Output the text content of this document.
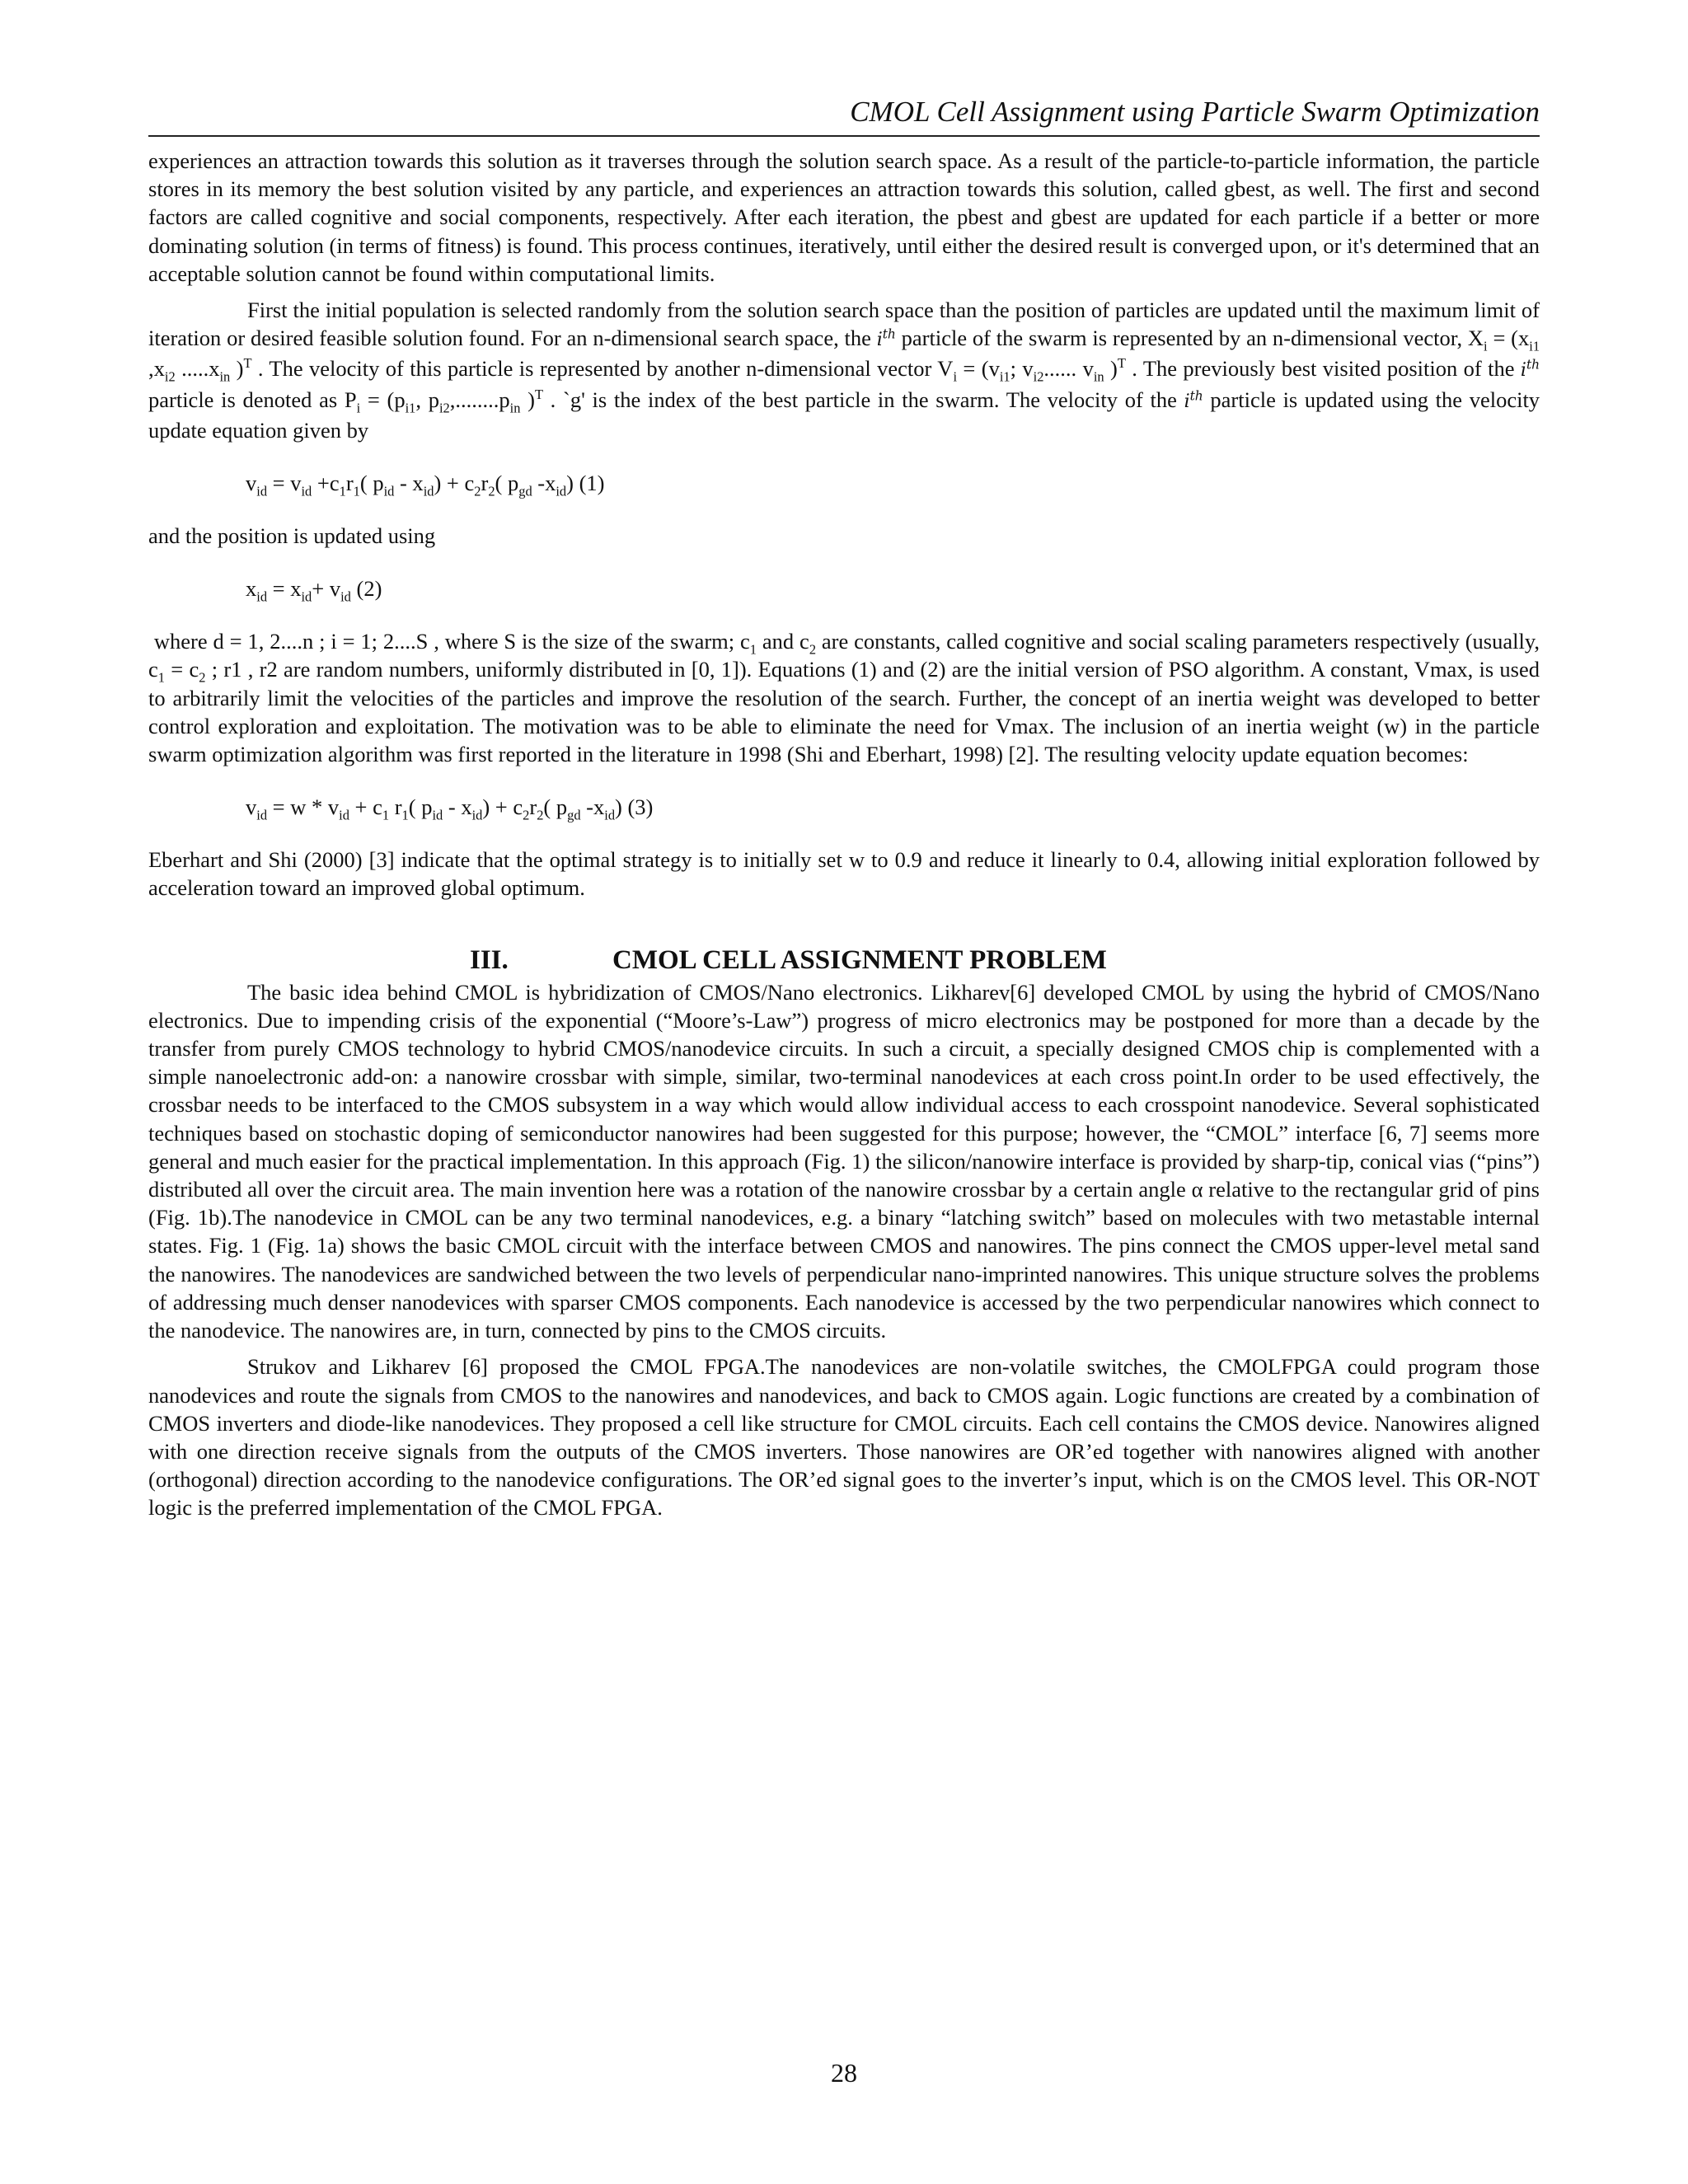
CMOL Cell Assignment using Particle Swarm Optimization

experiences an attraction towards this solution as it traverses through the solution search space. As a result of the particle-to-particle information, the particle stores in its memory the best solution visited by any particle, and experiences an attraction towards this solution, called gbest, as well. The first and second factors are called cognitive and social components, respectively. After each iteration, the pbest and gbest are updated for each particle if a better or more dominating solution (in terms of fitness) is found. This process continues, iteratively, until either the desired result is converged upon, or it's determined that an acceptable solution cannot be found within computational limits.

First the initial population is selected randomly from the solution search space than the position of particles are updated until the maximum limit of iteration or desired feasible solution found. For an n-dimensional search space, the $i^{th}$ particle of the swarm is represented by an n-dimensional vector, $X_i = (x_{i1}$ $,x_{i2}$ $.....x_{in}$ )$^T$ . The velocity of this particle is represented by another n-dimensional vector $V_i = (v_{i1}$; $v_{i2}$...... $v_{in}$ )$^T$ . The previously best visited position of the $i^{th}$ particle is denoted as $P_i = (p_{i1}$, $p_{i2},........p_{in}$ )$^T$ . `g' is the index of the best particle in the swarm. The velocity of the $i^{th}$ particle is updated using the velocity update equation given by

$v_{id} = v_{id} +c_1r_1$( $p_{id} - x_{id}) + c_2r_2$( $p_{gd}$ $-x_{id}$) (1)

and the position is updated using

$x_{id} = x_{id}+ v_{id}$ (2)

where d = 1, 2....n ; i = 1; 2....S , where S is the size of the swarm; $c_1$ and $c_2$ are constants, called cognitive and social scaling parameters respectively (usually, $c_1 = c_2$ ; r1 , r2 are random numbers, uniformly distributed in [0, 1]). Equations (1) and (2) are the initial version of PSO algorithm. A constant, Vmax, is used to arbitrarily limit the velocities of the particles and improve the resolution of the search. Further, the concept of an inertia weight was developed to better control exploration and exploitation. The motivation was to be able to eliminate the need for Vmax. The inclusion of an inertia weight (w) in the particle swarm optimization algorithm was first reported in the literature in 1998 (Shi and Eberhart, 1998) [2]. The resulting velocity update equation becomes:

$v_{id} = w * v_{id} + c_1$ $r_1$( $p_{id} - x_{id}) + c_2r_2$( $p_{gd}$ $-x_{id}$) (3)

Eberhart and Shi (2000) [3] indicate that the optimal strategy is to initially set w to 0.9 and reduce it linearly to 0.4, allowing initial exploration followed by acceleration toward an improved global optimum.

III.	CMOL CELL ASSIGNMENT PROBLEM

The basic idea behind CMOL is hybridization of CMOS/Nano electronics. Likharev[6] developed CMOL by using the hybrid of CMOS/Nano electronics. Due to impending crisis of the exponential (“Moore’s-Law”) progress of micro electronics may be postponed for more than a decade by the transfer from purely CMOS technology to hybrid CMOS/nanodevice circuits. In such a circuit, a specially designed CMOS chip is complemented with a simple nanoelectronic add-on: a nanowire crossbar with simple, similar, two-terminal nanodevices at each cross point.In order to be used effectively, the crossbar needs to be interfaced to the CMOS subsystem in a way which would allow individual access to each crosspoint nanodevice. Several sophisticated techniques based on stochastic doping of semiconductor nanowires had been suggested for this purpose; however, the “CMOL” interface [6, 7] seems more general and much easier for the practical implementation. In this approach (Fig. 1) the silicon/nanowire interface is provided by sharp-tip, conical vias (“pins”) distributed all over the circuit area. The main invention here was a rotation of the nanowire crossbar by a certain angle α relative to the rectangular grid of pins (Fig. 1b).The nanodevice in CMOL can be any two terminal nanodevices, e.g. a binary “latching switch” based on molecules with two metastable internal states. Fig. 1 (Fig. 1a) shows the basic CMOL circuit with the interface between CMOS and nanowires. The pins connect the CMOS upper-level metal sand the nanowires. The nanodevices are sandwiched between the two levels of perpendicular nano-imprinted nanowires. This unique structure solves the problems of addressing much denser nanodevices with sparser CMOS components. Each nanodevice is accessed by the two perpendicular nanowires which connect to the nanodevice. The nanowires are, in turn, connected by pins to the CMOS circuits.

Strukov and Likharev [6] proposed the CMOL FPGA.The nanodevices are non-volatile switches, the CMOLFPGA could program those nanodevices and route the signals from CMOS to the nanowires and nanodevices, and back to CMOS again. Logic functions are created by a combination of CMOS inverters and diode-like nanodevices. They proposed a cell like structure for CMOL circuits. Each cell contains the CMOS device. Nanowires aligned with one direction receive signals from the outputs of the CMOS inverters. Those nanowires are OR’ed together with nanowires aligned with another (orthogonal) direction according to the nanodevice configurations. The OR’ed signal goes to the inverter’s input, which is on the CMOS level. This OR-NOT logic is the preferred implementation of the CMOL FPGA.

28
